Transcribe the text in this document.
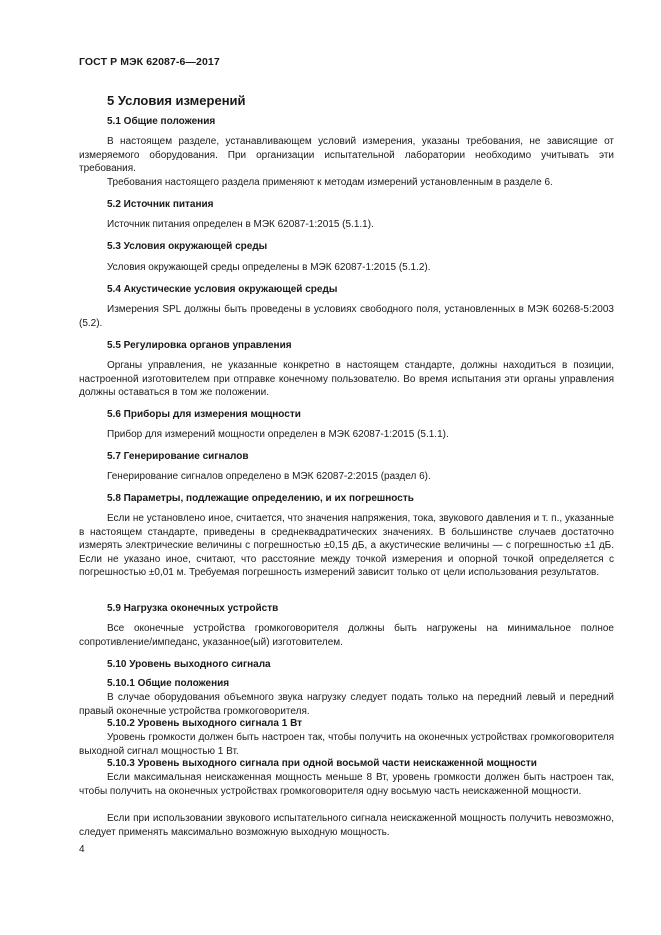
ГОСТ Р МЭК 62087-6—2017
5 Условия измерений
5.1 Общие положения
В настоящем разделе, устанавливающем условий измерения, указаны требования, не зависящие от измеряемого оборудования. При организации испытательной лаборатории необходимо учитывать эти требования.
Требования настоящего раздела применяют к методам измерений установленным в разделе 6.
5.2 Источник питания
Источник питания определен в МЭК 62087-1:2015 (5.1.1).
5.3 Условия окружающей среды
Условия окружающей среды определены в МЭК 62087-1:2015 (5.1.2).
5.4 Акустические условия окружающей среды
Измерения SPL должны быть проведены в условиях свободного поля, установленных в МЭК 60268-5:2003 (5.2).
5.5 Регулировка органов управления
Органы управления, не указанные конкретно в настоящем стандарте, должны находиться в позиции, настроенной изготовителем при отправке конечному пользователю. Во время испытания эти органы управления должны оставаться в том же положении.
5.6 Приборы для измерения мощности
Прибор для измерений мощности определен в МЭК 62087-1:2015 (5.1.1).
5.7 Генерирование сигналов
Генерирование сигналов определено в МЭК 62087-2:2015 (раздел 6).
5.8 Параметры, подлежащие определению, и их погрешность
Если не установлено иное, считается, что значения напряжения, тока, звукового давления и т. п., указанные в настоящем стандарте, приведены в среднеквадратических значениях. В большинстве случаев достаточно измерять электрические величины с погрешностью ±0,15 дБ, а акустические величины — с погрешностью ±1 дБ. Если не указано иное, считают, что расстояние между точкой измерения и опорной точкой определяется с погрешностью ±0,01 м. Требуемая погрешность измерений зависит только от цели использования результатов.
5.9 Нагрузка оконечных устройств
Все оконечные устройства громкоговорителя должны быть нагружены на минимальное полное сопротивление/импеданс, указанное(ый) изготовителем.
5.10 Уровень выходного сигнала
5.10.1 Общие положения
В случае оборудования объемного звука нагрузку следует подать только на передний левый и передний правый оконечные устройства громкоговорителя.
5.10.2 Уровень выходного сигнала 1 Вт
Уровень громкости должен быть настроен так, чтобы получить на оконечных устройствах громкоговорителя выходной сигнал мощностью 1 Вт.
5.10.3 Уровень выходного сигнала при одной восьмой части неискаженной мощности
Если максимальная неискаженная мощность меньше 8 Вт, уровень громкости должен быть настроен так, чтобы получить на оконечных устройствах громкоговорителя одну восьмую часть неискаженной мощности.
Если при использовании звукового испытательного сигнала неискаженной мощность получить невозможно, следует применять максимально возможную выходную мощность.
4
